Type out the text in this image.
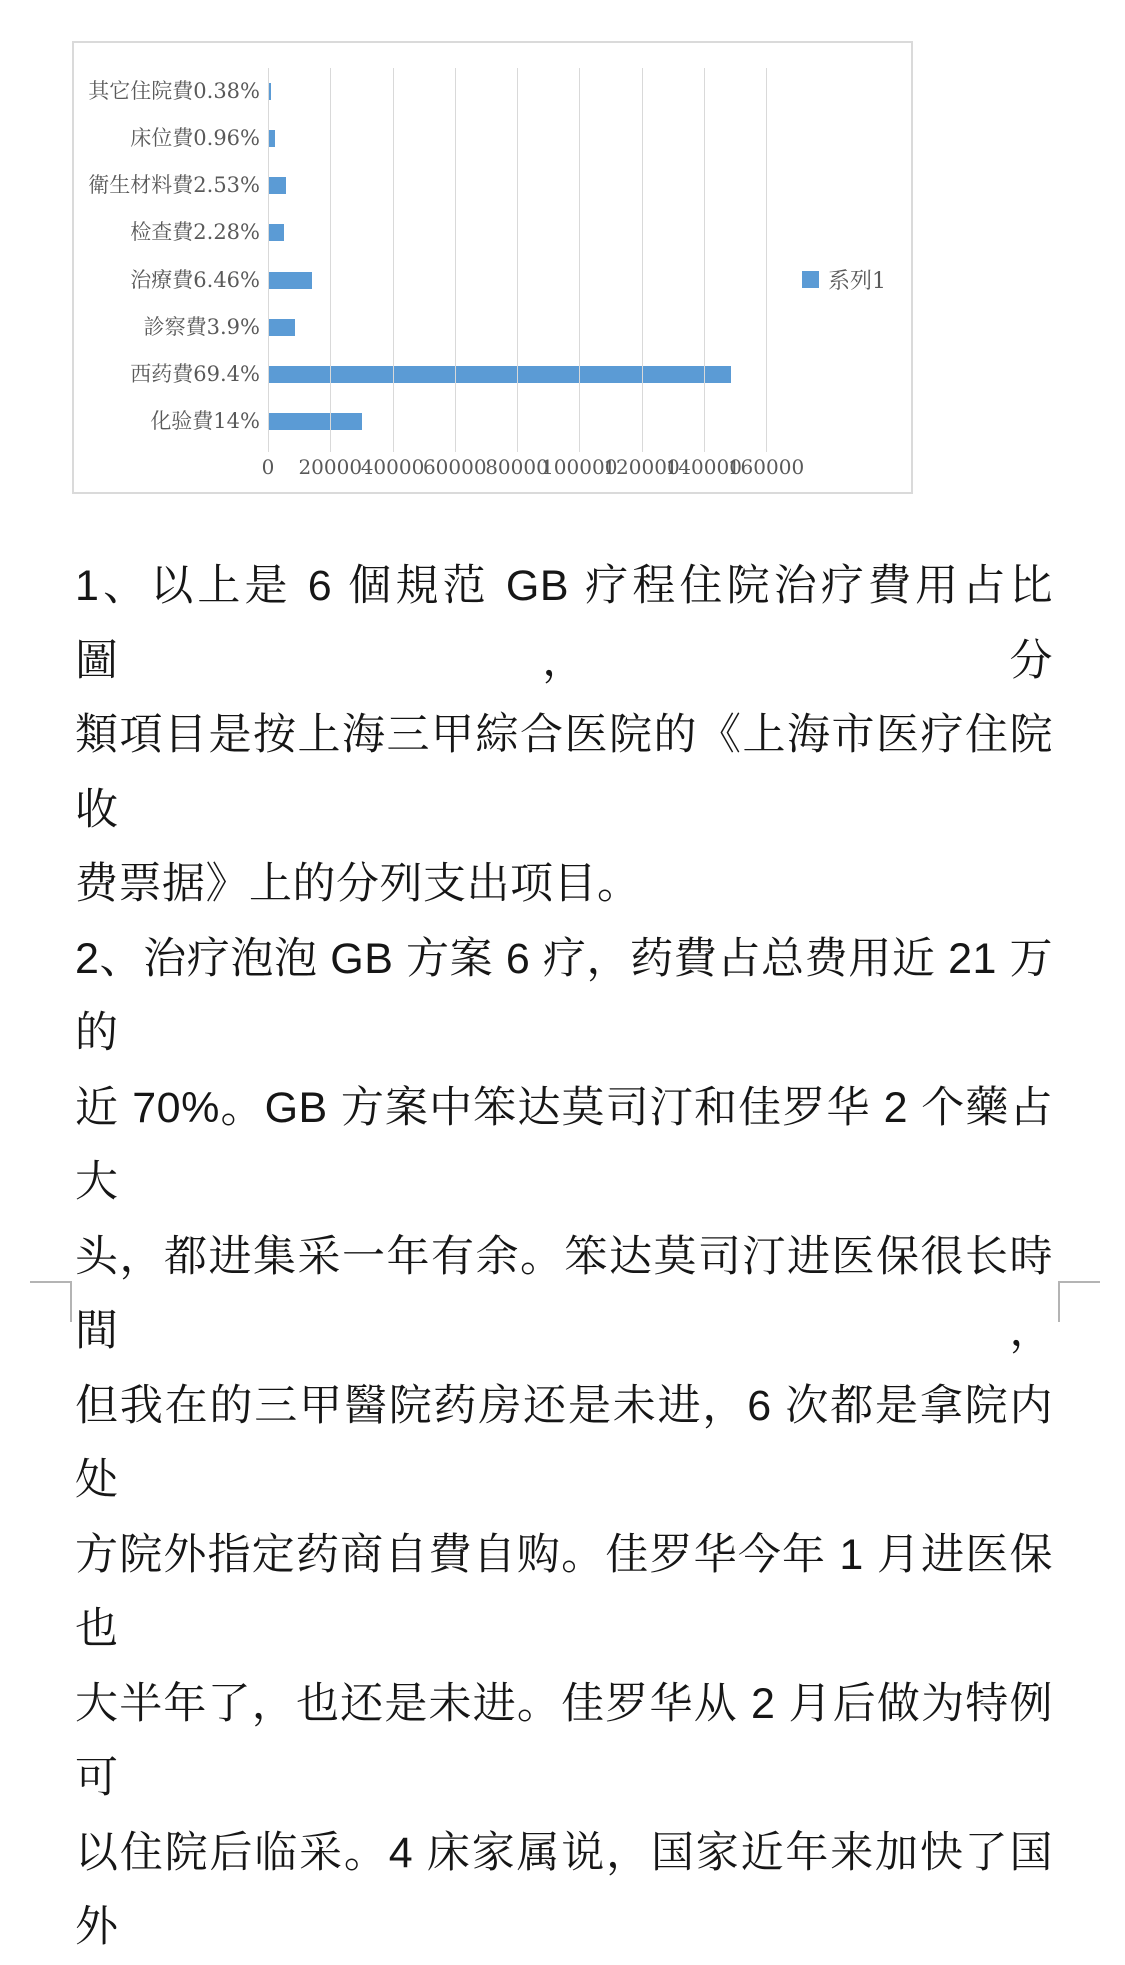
系列1
0 20000
40000
60000
80000
100000
120000
140000
160000
其它住院費0.38%
床位費0.96%
衛生材料費2.53%
检查費2.28%
治療費6.46%
診察費3.9%
西药費69.4%
化验費14%
1、以上是 6 個規范 GB 疗程住院治疗費用占比圖，分
類項目是按上海三甲綜合医院的《上海市医疗住院收
费票据》上的分列支出项目。
2、治疗泡泡 GB 方案 6 疗，药費占总费用近 21 万的
近 70%。GB 方案中笨达莫司汀和佳罗华 2 个藥占大
头，都进集采一年有余。笨达莫司汀进医保很长時間，
但我在的三甲醫院药房还是未进，6 次都是拿院内处
方院外指定药商自費自购。佳罗华今年 1 月进医保也
大半年了，也还是未进。佳罗华从 2 月后做为特例可
以住院后临采。4 床家属说，国家近年来加快了国外
